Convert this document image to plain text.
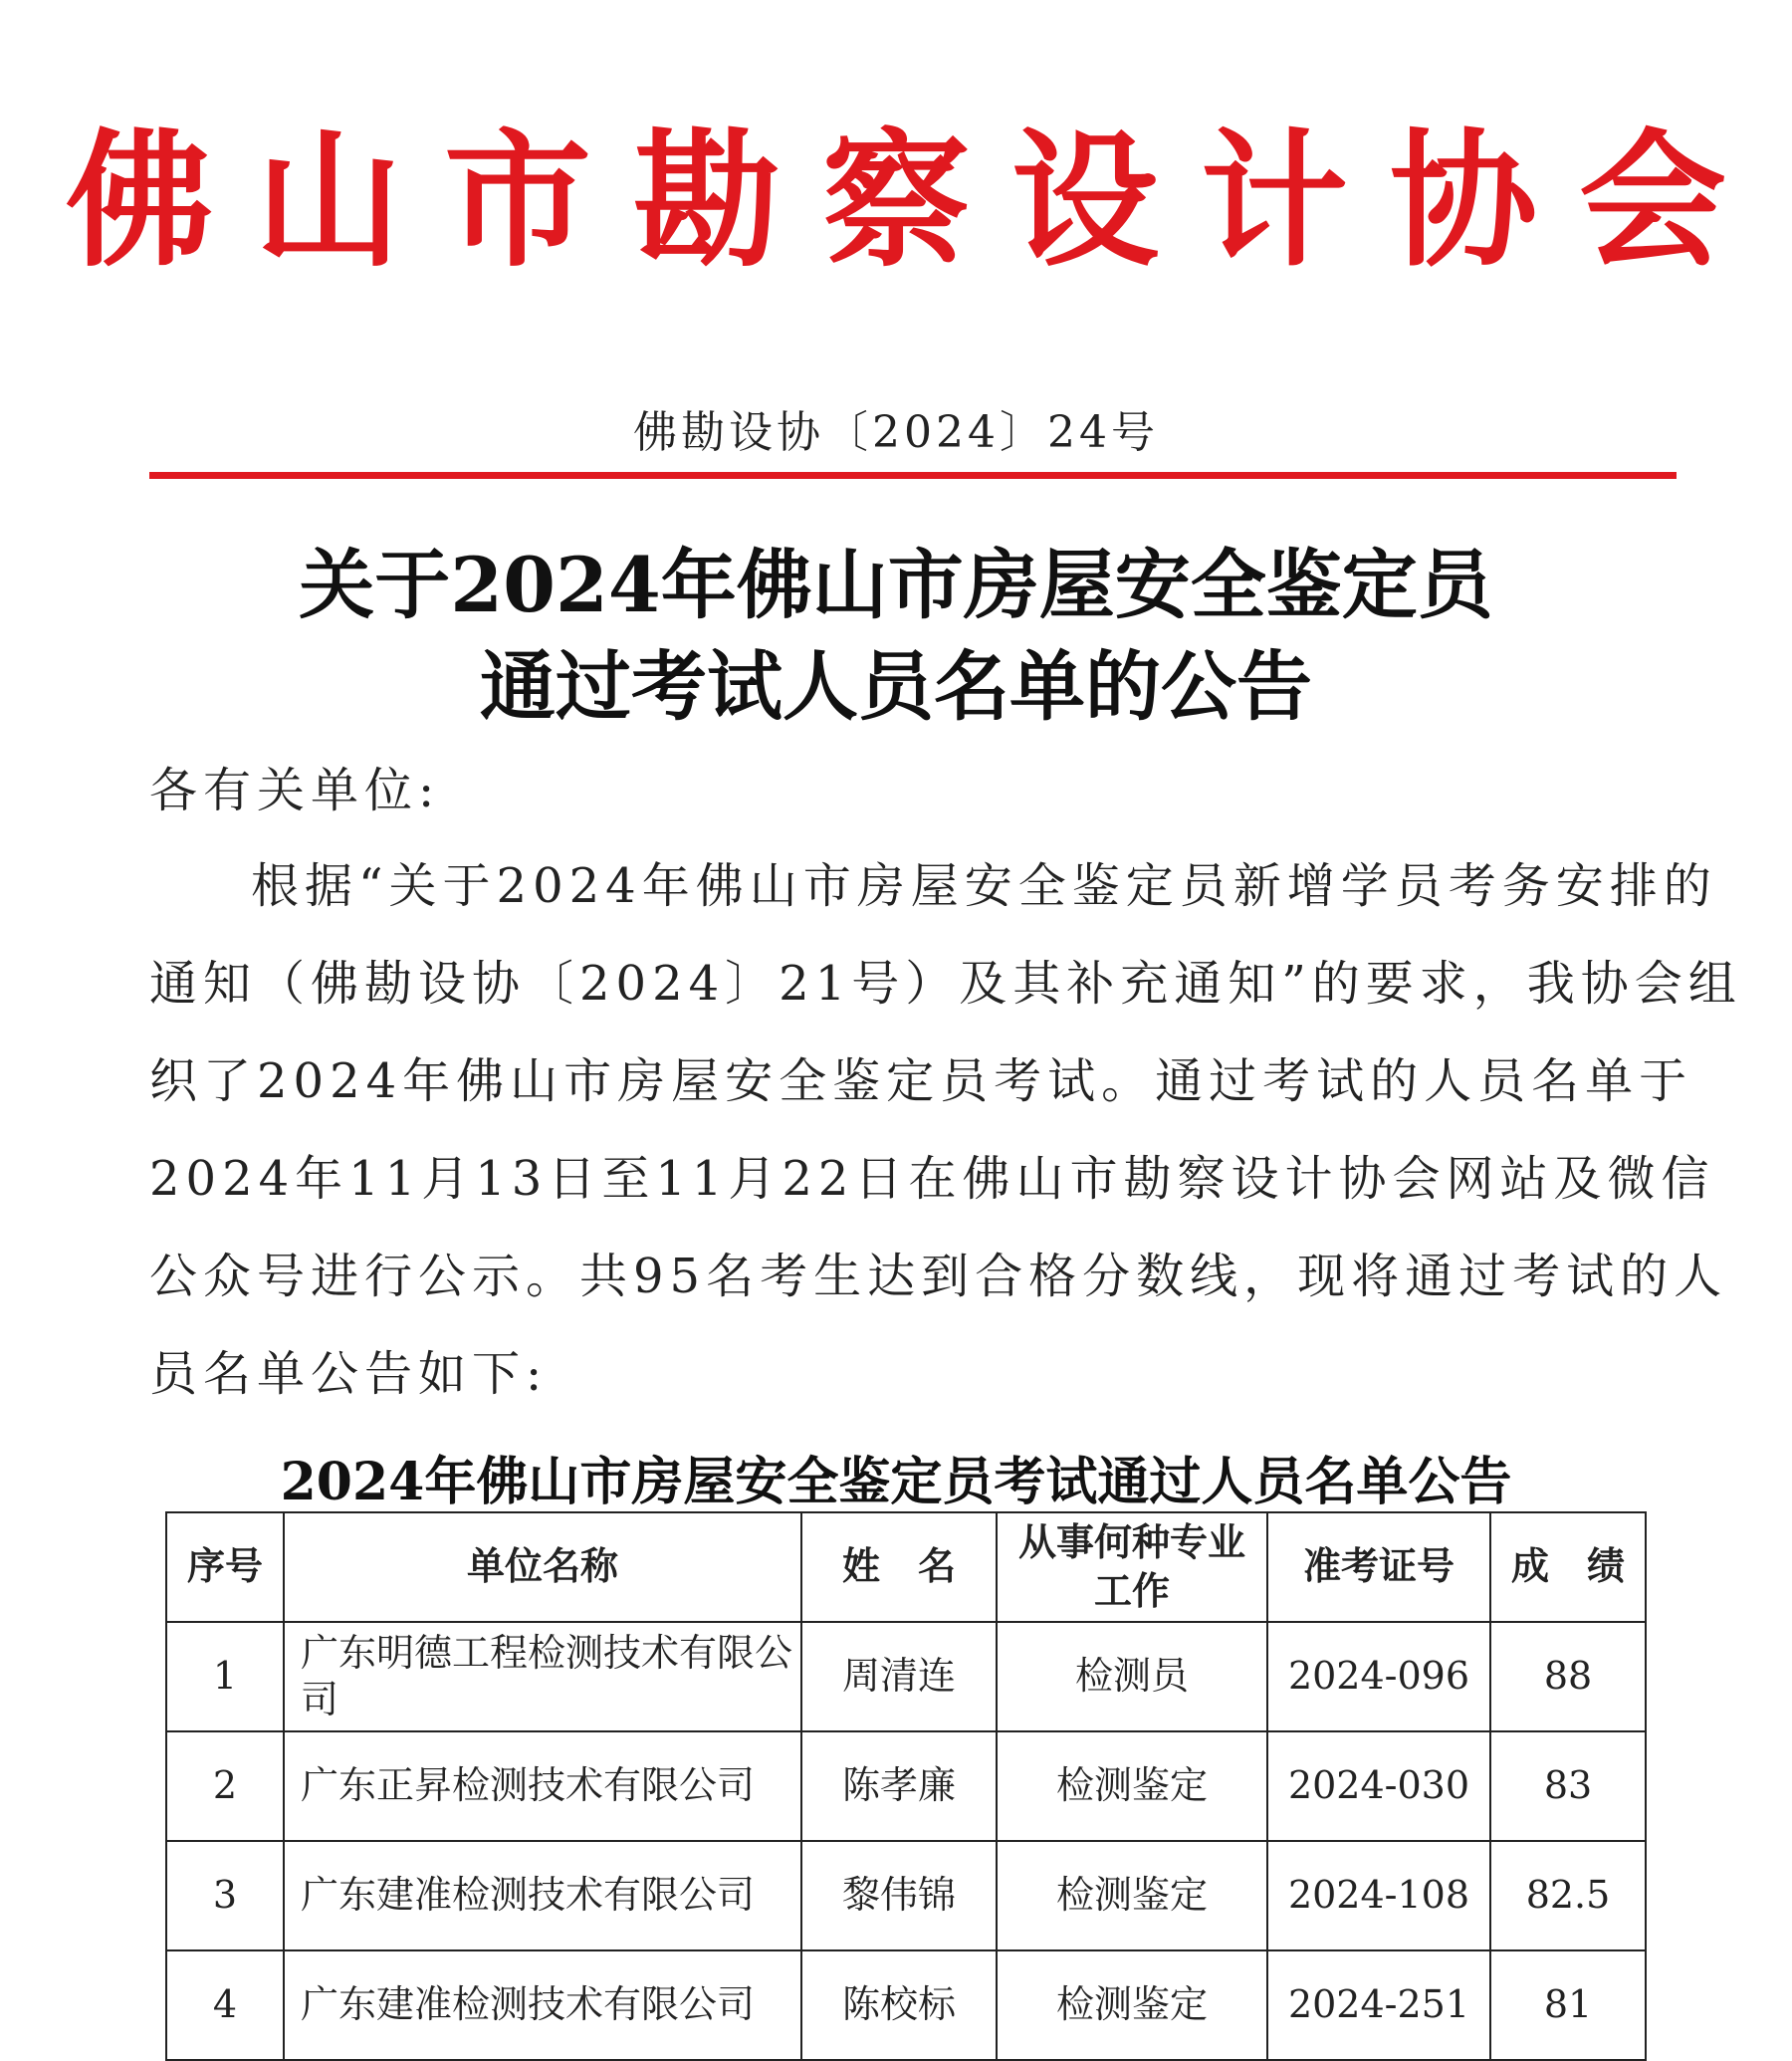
佛山市勘察设计协会
佛勘设协〔2024〕24号
关于2024年佛山市房屋安全鉴定员
通过考试人员名单的公告
各有关单位:
根据“关于2024年佛山市房屋安全鉴定员新增学员考务安排的
通知（佛勘设协〔2024〕21号）及其补充通知”的要求，我协会组
织了2024年佛山市房屋安全鉴定员考试。通过考试的人员名单于
2024年11月13日至11月22日在佛山市勘察设计协会网站及微信
公众号进行公示。共95名考生达到合格分数线，现将通过考试的人
员名单公告如下:
2024年佛山市房屋安全鉴定员考试通过人员名单公告
序号	单位名称	姓　名	从事何种专业工作	准考证号	成　绩
1	广东明德工程检测技术有限公司	周清连	检测员	2024-096	88
2	广东正昇检测技术有限公司	陈孝廉	检测鉴定	2024-030	83
3	广东建准检测技术有限公司	黎伟锦	检测鉴定	2024-108	82.5
4	广东建准检测技术有限公司	陈校标	检测鉴定	2024-251	81
